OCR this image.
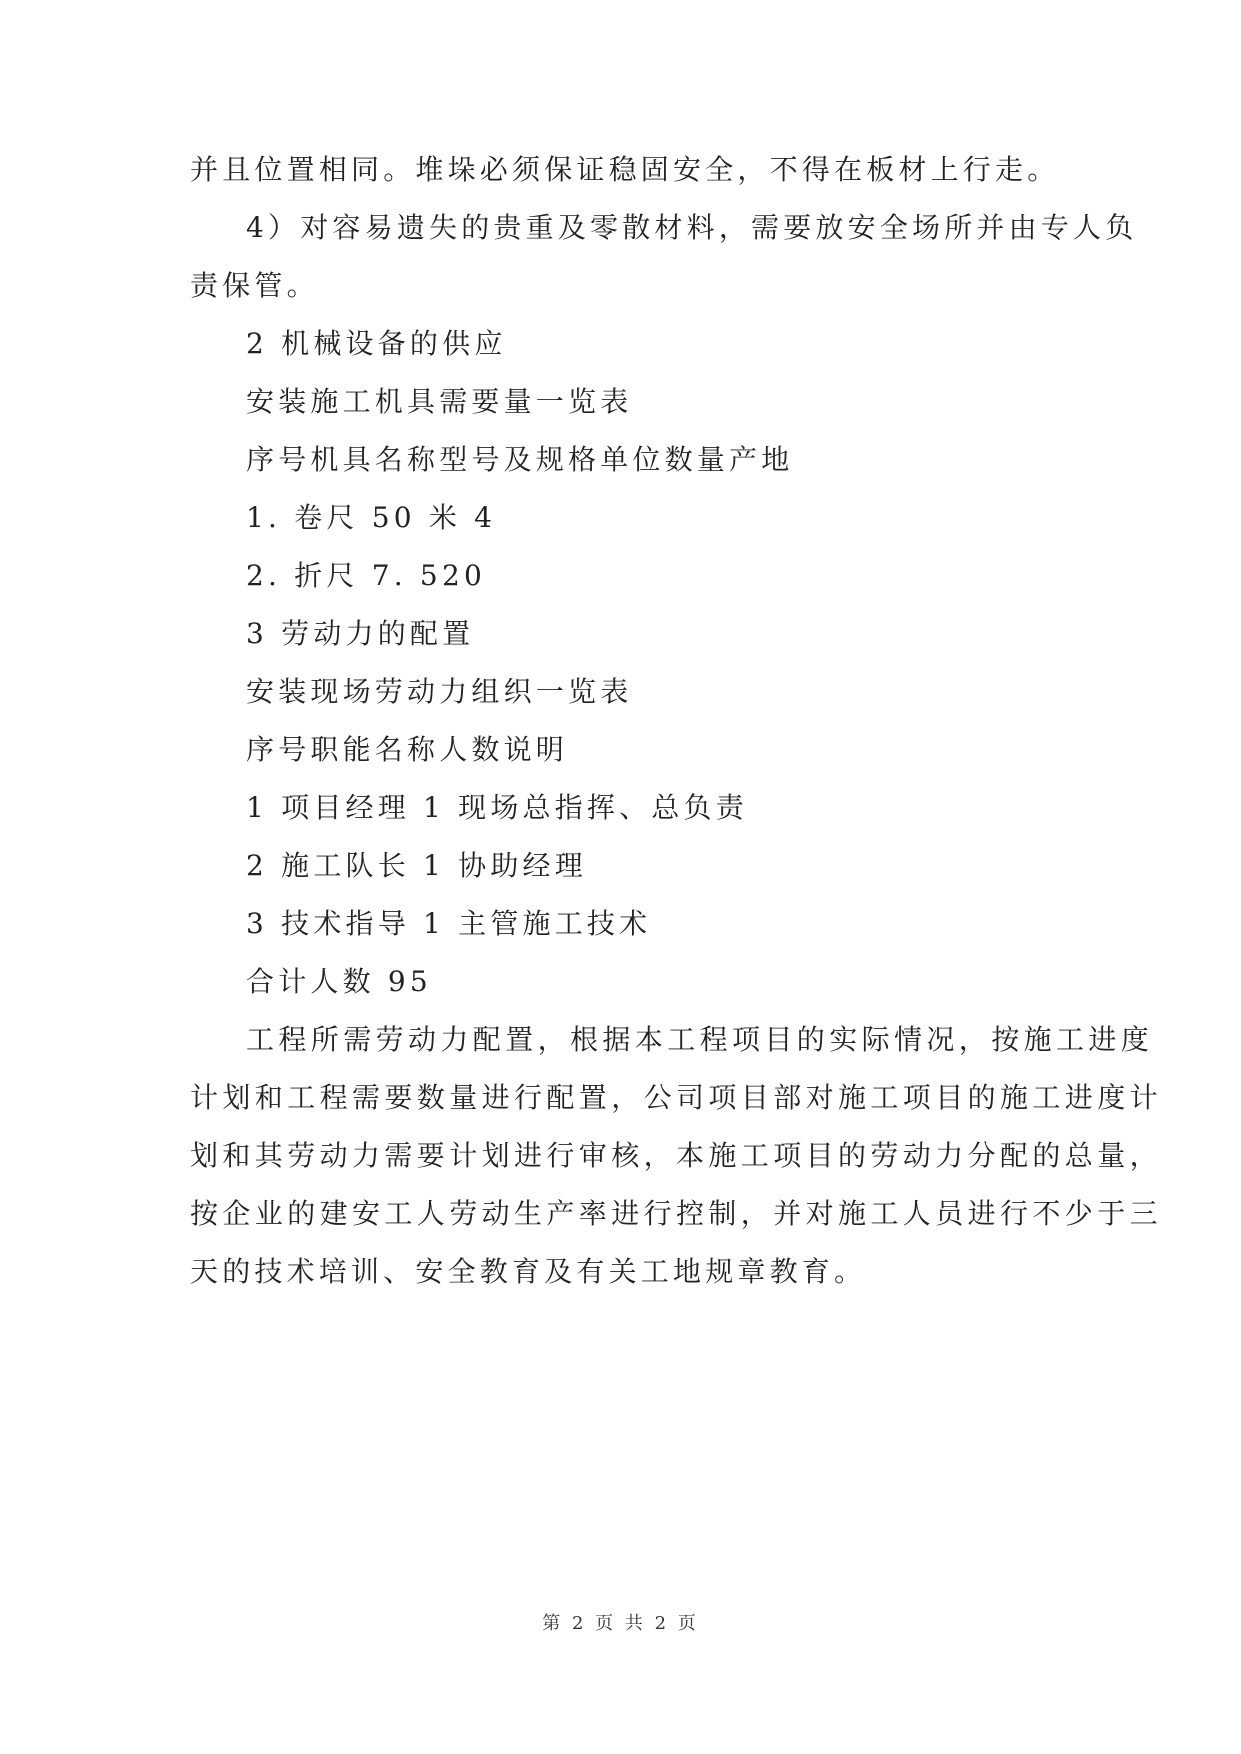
并且位置相同。堆垛必须保证稳固安全，不得在板材上行走。
4）对容易遗失的贵重及零散材料，需要放安全场所并由专人负
责保管。
2 机械设备的供应
安装施工机具需要量一览表
序号机具名称型号及规格单位数量产地
1. 卷尺 50 米 4
2. 折尺 7. 520
3 劳动力的配置
安装现场劳动力组织一览表
序号职能名称人数说明
1 项目经理 1 现场总指挥、总负责
2 施工队长 1 协助经理
3 技术指导 1 主管施工技术
合计人数 95
工程所需劳动力配置，根据本工程项目的实际情况，按施工进度
计划和工程需要数量进行配置，公司项目部对施工项目的施工进度计
划和其劳动力需要计划进行审核，本施工项目的劳动力分配的总量，
按企业的建安工人劳动生产率进行控制，并对施工人员进行不少于三
天的技术培训、安全教育及有关工地规章教育。
第 2 页 共 2 页
